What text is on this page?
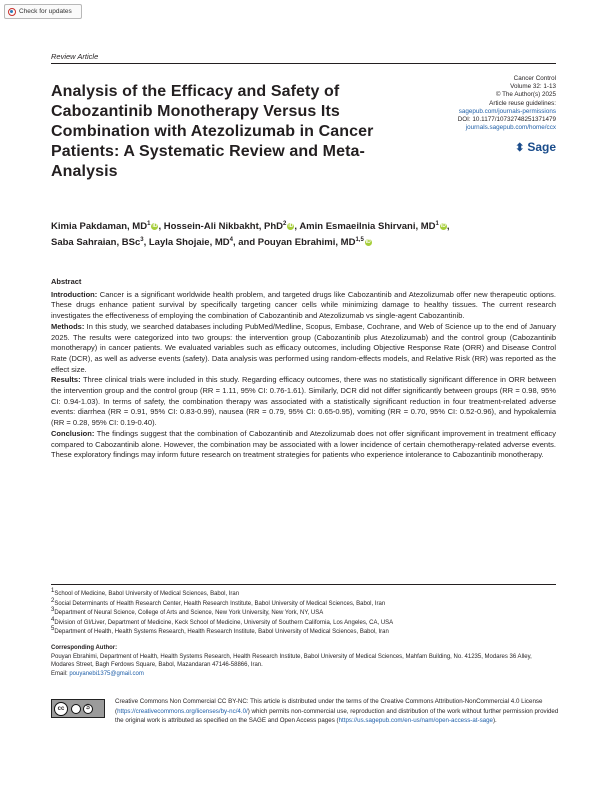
Check for updates
Review Article
Analysis of the Efficacy and Safety of Cabozantinib Monotherapy Versus Its Combination with Atezolizumab in Cancer Patients: A Systematic Review and Meta-Analysis
Cancer Control
Volume 32: 1-13
© The Author(s) 2025
Article reuse guidelines:
sagepub.com/journals-permissions
DOI: 10.1177/10732748251371479
journals.sagepub.com/home/ccx
⬍ Sage
Kimia Pakdaman, $MD^1$ iD, Hossein-Ali Nikbakht, PhD$^2$ iD, Amin Esmaeilnia Shirvani, $MD^1$ iD,
Saba Sahraian, BSc$^3$, Layla Shojaie, $MD^4$, and Pouyan Ebrahimi, MD$^{1,5}$ iD

Abstract

Introduction: Cancer is a significant worldwide health problem, and targeted drugs like Cabozantinib and Atezolizumab offer new therapeutic options. These drugs enhance patient survival by specifically targeting cancer cells while minimizing damage to healthy tissues. The current research investigates the effectiveness of employing the combination of Cabozantinib and Atezolizumab vs single-agent Cabozantinib.

Methods: In this study, we searched databases including PubMed/Medline, Scopus, Embase, Cochrane, and Web of Science up to the end of January 2025. The results were categorized into two groups: the intervention group (Cabozantinib plus Atezolizumab) and the control group (Cabozantinib monotherapy) in cancer patients. We evaluated variables such as efficacy outcomes, including Objective Response Rate (ORR) and Disease Control Rate (DCR), as well as adverse events (safety). Data analysis was performed using random-effects models, and Relative Risk (RR) was reported as the effect size.

Results: Three clinical trials were included in this study. Regarding efficacy outcomes, there was no statistically significant difference in ORR between the intervention group and the control group (RR = 1.11, 95% CI: 0.76-1.61). Similarly, DCR did not differ significantly between groups (RR = 0.98, 95% CI: 0.94-1.03). In terms of safety, the combination therapy was associated with a statistically significant reduction in four treatment-related adverse events: diarrhea (RR = 0.91, 95% CI: 0.83-0.99), nausea (RR = 0.79, 95% CI: 0.65-0.95), vomiting (RR = 0.70, 95% CI: 0.52-0.96), and hypokalemia (RR = 0.28, 95% CI: 0.19-0.40).

Conclusion: The findings suggest that the combination of Cabozantinib and Atezolizumab does not offer significant improvement in treatment efficacy compared to Cabozantinib alone. However, the combination may be associated with a lower incidence of certain chemotherapy-related adverse events. These exploratory findings may inform future research on treatment strategies for patients who experience intolerance to Cabozantinib monotherapy.

$^1$School of Medicine, Babol University of Medical Sciences, Babol, Iran
$^2$Social Determinants of Health Research Center, Health Research Institute, Babol University of Medical Sciences, Babol, Iran
$^3$Department of Neural Science, College of Arts and Science, New York University, New York, NY, USA
$^4$Division of GI/Liver, Department of Medicine, Keck School of Medicine, University of Southern California, Los Angeles, CA, USA
$^5$Department of Health, Health Systems Research, Health Research Institute, Babol University of Medical Sciences, Babol, Iran
Corresponding Author:
Pouyan Ebrahimi, Department of Health, Health Systems Research, Health Research Institute, Babol University of Medical Sciences, Mahfam Building, No. 41235, Modares 36 Alley, Modares Street, Bagh Ferdows Square, Babol, Mazandaran 47146-58866, Iran.
Email: pouyanebi1375@gmail.com
cc
$
Creative Commons Non Commercial CC BY-NC: This article is distributed under the terms of the Creative Commons Attribution-NonCommercial 4.0 License (https://creativecommons.org/licenses/by-nc/4.0/) which permits non-commercial use, reproduction and distribution of the work without further permission provided the original work is attributed as specified on the SAGE and Open Access pages (https://us.sagepub.com/en-us/nam/open-access-at-sage).
